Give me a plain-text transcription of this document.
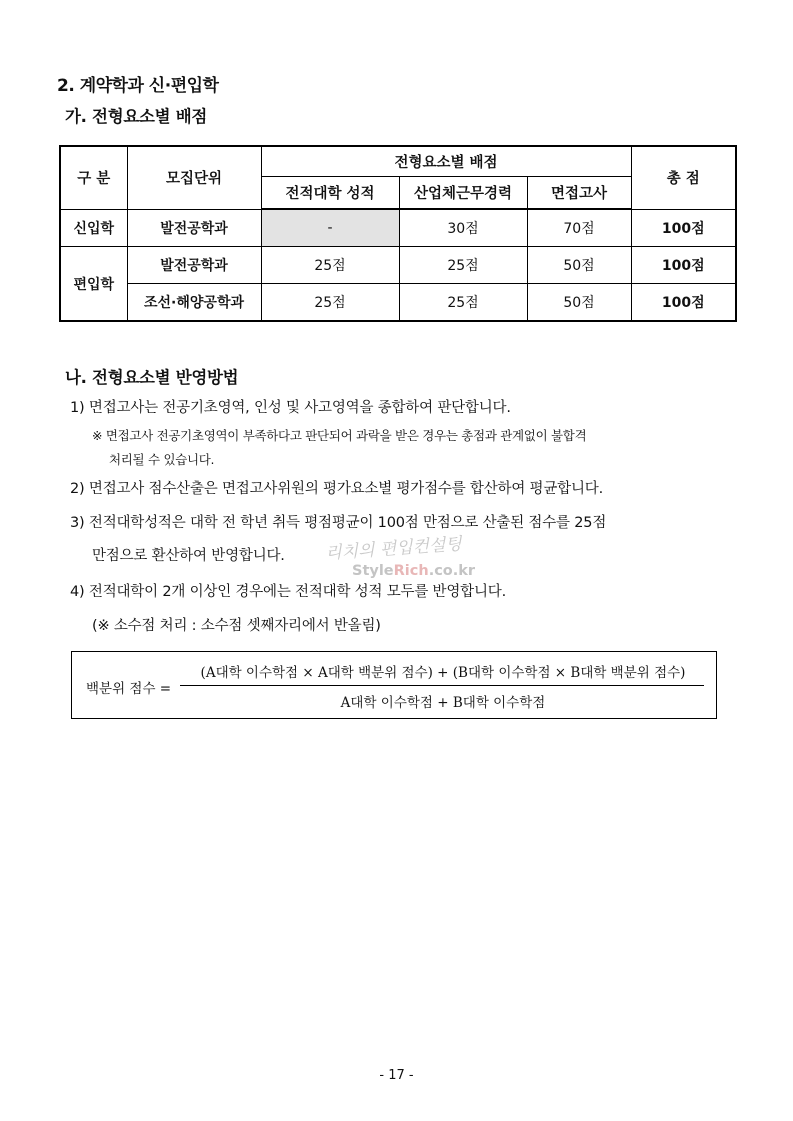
2. 계약학과 신·편입학
가. 전형요소별 배점
구 분	모집단위	전형요소별 배점			총 점
		전적대학 성적	산업체근무경력	면접고사	
신입학	발전공학과	-	30점	70점	100점
편입학	발전공학과	25점	25점	50점	100점
	조선·해양공학과	25점	25점	50점	100점
나. 전형요소별 반영방법
1) 면접고사는 전공기초영역, 인성 및 사고영역을 종합하여 판단합니다.
※ 면접고사 전공기초영역이 부족하다고 판단되어 과락을 받은 경우는 총점과 관계없이 불합격
처리될 수 있습니다.
2) 면접고사 점수산출은 면접고사위원의 평가요소별 평가점수를 합산하여 평균합니다.
3) 전적대학성적은 대학 전 학년 취득 평점평균이 100점 만점으로 산출된 점수를 25점
만점으로 환산하여 반영합니다.
4) 전적대학이 2개 이상인 경우에는 전적대학 성적 모두를 반영합니다.
(※ 소수점 처리 : 소수점 셋째자리에서 반올림)
백분위 점수 =
(A대학 이수학점 × A대학 백분위 점수) + (B대학 이수학점 × B대학 백분위 점수)
A대학 이수학점 + B대학 이수학점
리치의 편입컨설팅
StyleRich.co.kr
- 17 -
